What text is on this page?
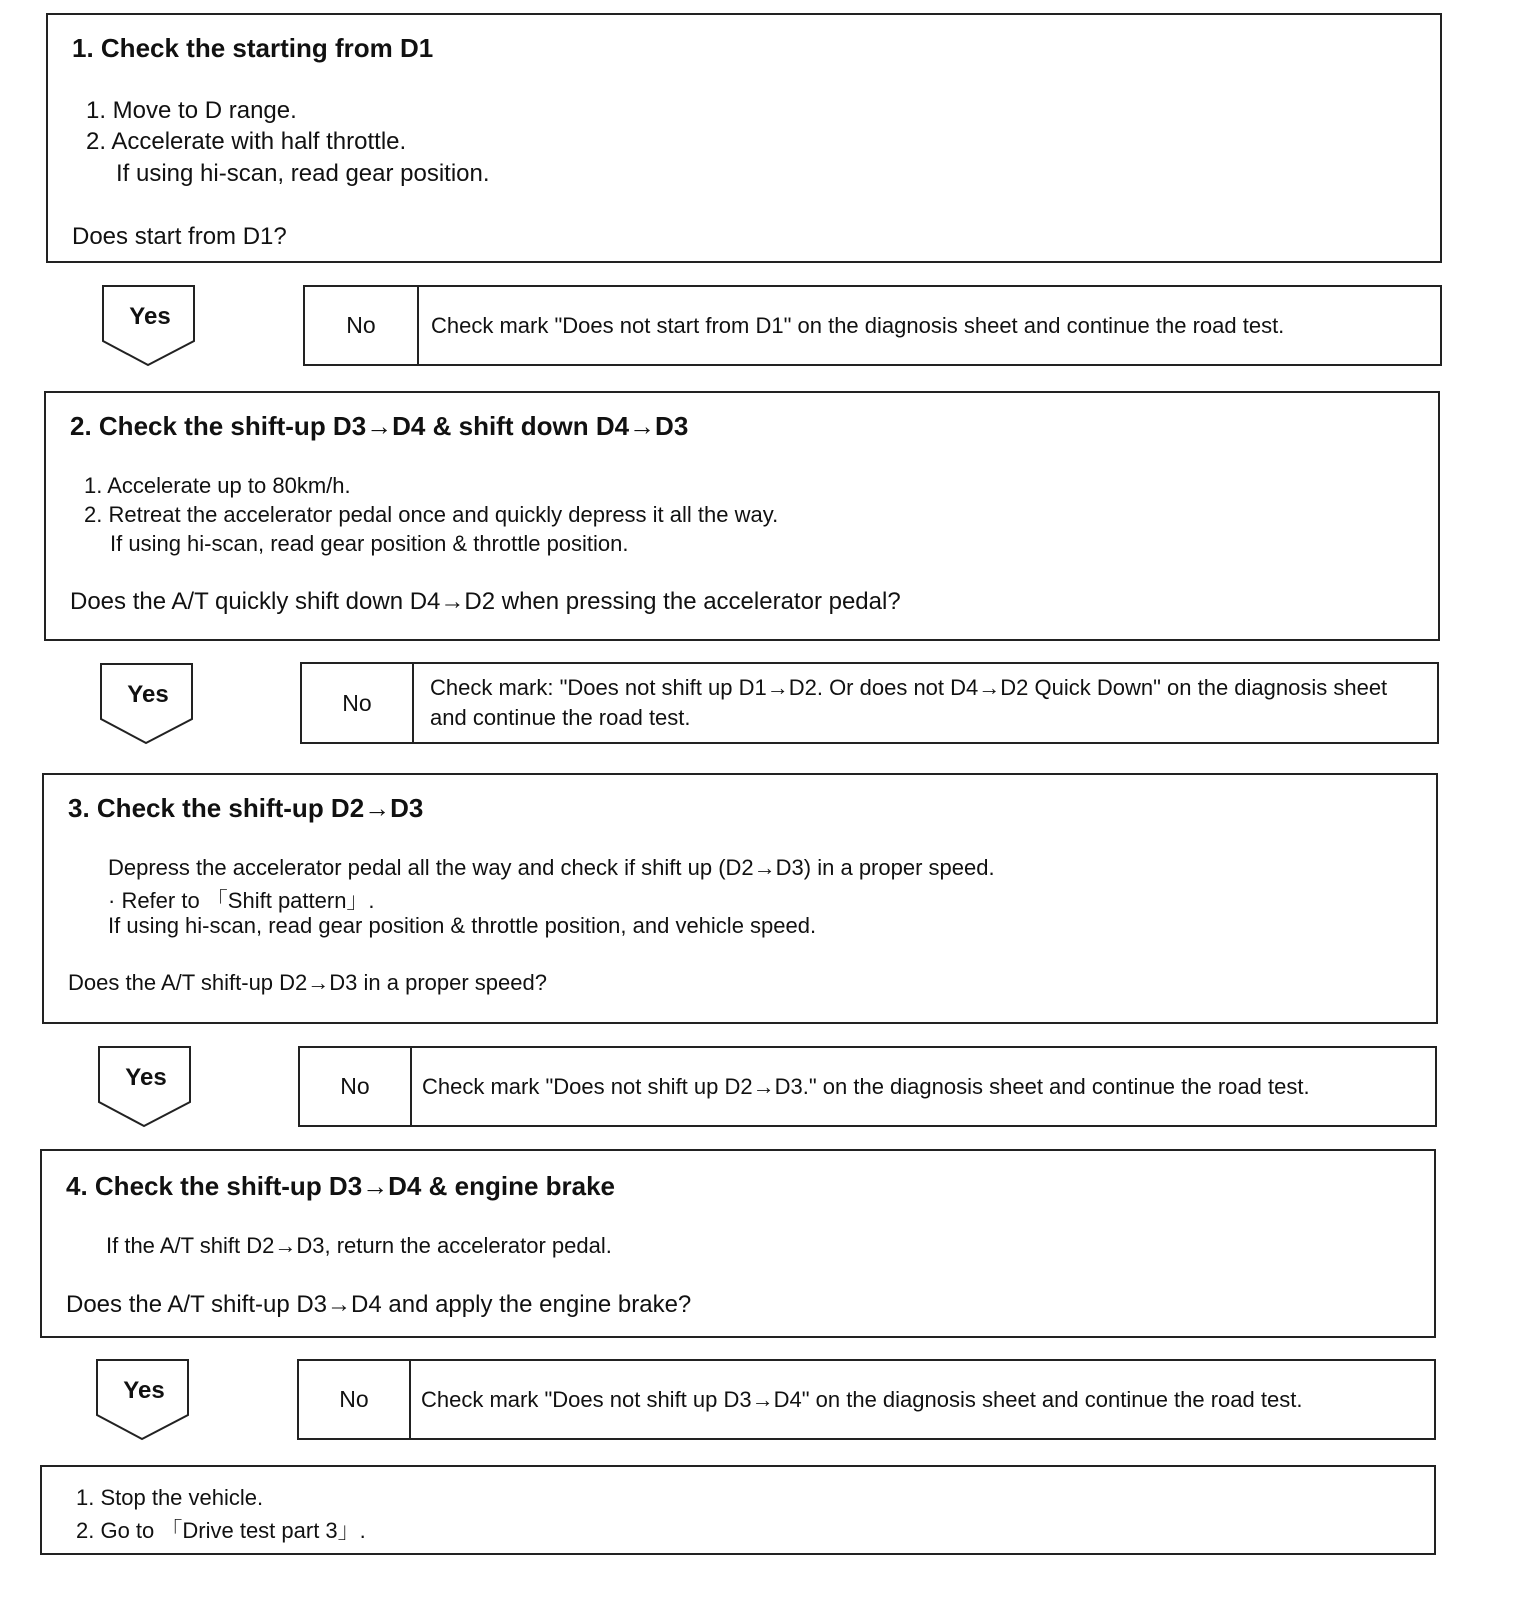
1. Check the starting from D1
1. Move to D range.
2. Accelerate with half throttle.
If using hi-scan, read gear position.
Does start from D1?
Yes	No	Check mark "Does not start from D1" on the diagnosis sheet and continue the road test.
2. Check the shift-up D3→D4 & shift down D4→D3
1. Accelerate up to 80km/h.
2. Retreat the accelerator pedal once and quickly depress it all the way.
If using hi-scan, read gear position & throttle position.
Does the A/T quickly shift down D4→D2 when pressing the accelerator pedal?
Yes	No
Check mark: "Does not shift up D1→D2. Or does not D4→D2 Quick Down" on the diagnosis sheet and continue the road test.
3. Check the shift-up D2→D3
Depress the accelerator pedal all the way and check if shift up (D2→D3) in a proper speed.
· Refer to 「Shift pattern」.
If using hi-scan, read gear position & throttle position, and vehicle speed.
Does the A/T shift-up D2→D3 in a proper speed?
Yes	No	Check mark "Does not shift up D2→D3." on the diagnosis sheet and continue the road test.
4. Check the shift-up D3→D4 & engine brake
If the A/T shift D2→D3, return the accelerator pedal.
Does the A/T shift-up D3→D4 and apply the engine brake?
Yes	No	Check mark "Does not shift up D3→D4" on the diagnosis sheet and continue the road test.
1. Stop the vehicle.
2. Go to 「Drive test part 3」.
